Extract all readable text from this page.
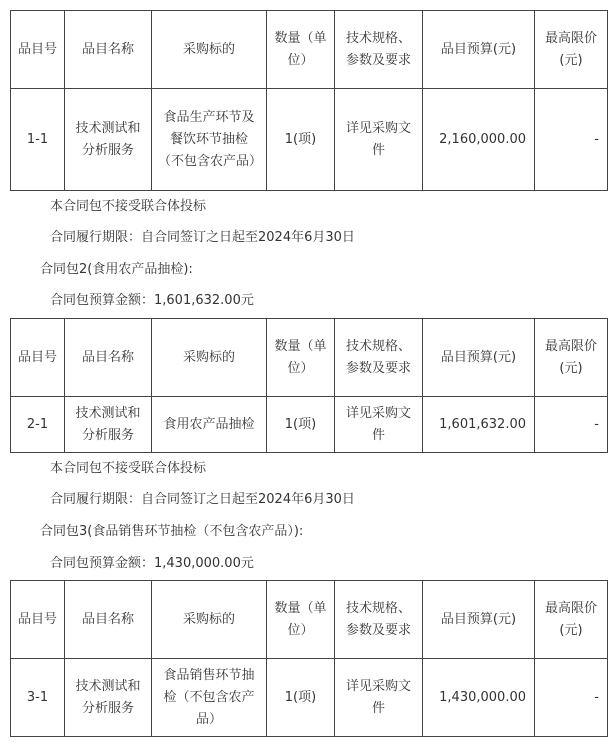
品目号	品目名称	采购标的	数量（单位）	技术规格、参数及要求	品目预算(元)	最高限价(元)
1-1	技术测试和分析服务	食品生产环节及餐饮环节抽检（不包含农产品）	1(项)	详见采购文件	2,160,000.00	-
本合同包不接受联合体投标
合同履行期限：自合同签订之日起至2024年6月30日
合同包2(食用农产品抽检):
合同包预算金额：1,601,632.00元
品目号	品目名称	采购标的	数量（单位）	技术规格、参数及要求	品目预算(元)	最高限价(元)
2-1	技术测试和分析服务	食用农产品抽检	1(项)	详见采购文件	1,601,632.00	-
本合同包不接受联合体投标
合同履行期限：自合同签订之日起至2024年6月30日
合同包3(食品销售环节抽检（不包含农产品）):
合同包预算金额：1,430,000.00元
品目号	品目名称	采购标的	数量（单位）	技术规格、参数及要求	品目预算(元)	最高限价(元)
3-1	技术测试和分析服务	食品销售环节抽检（不包含农产品）	1(项)	详见采购文件	1,430,000.00	-
